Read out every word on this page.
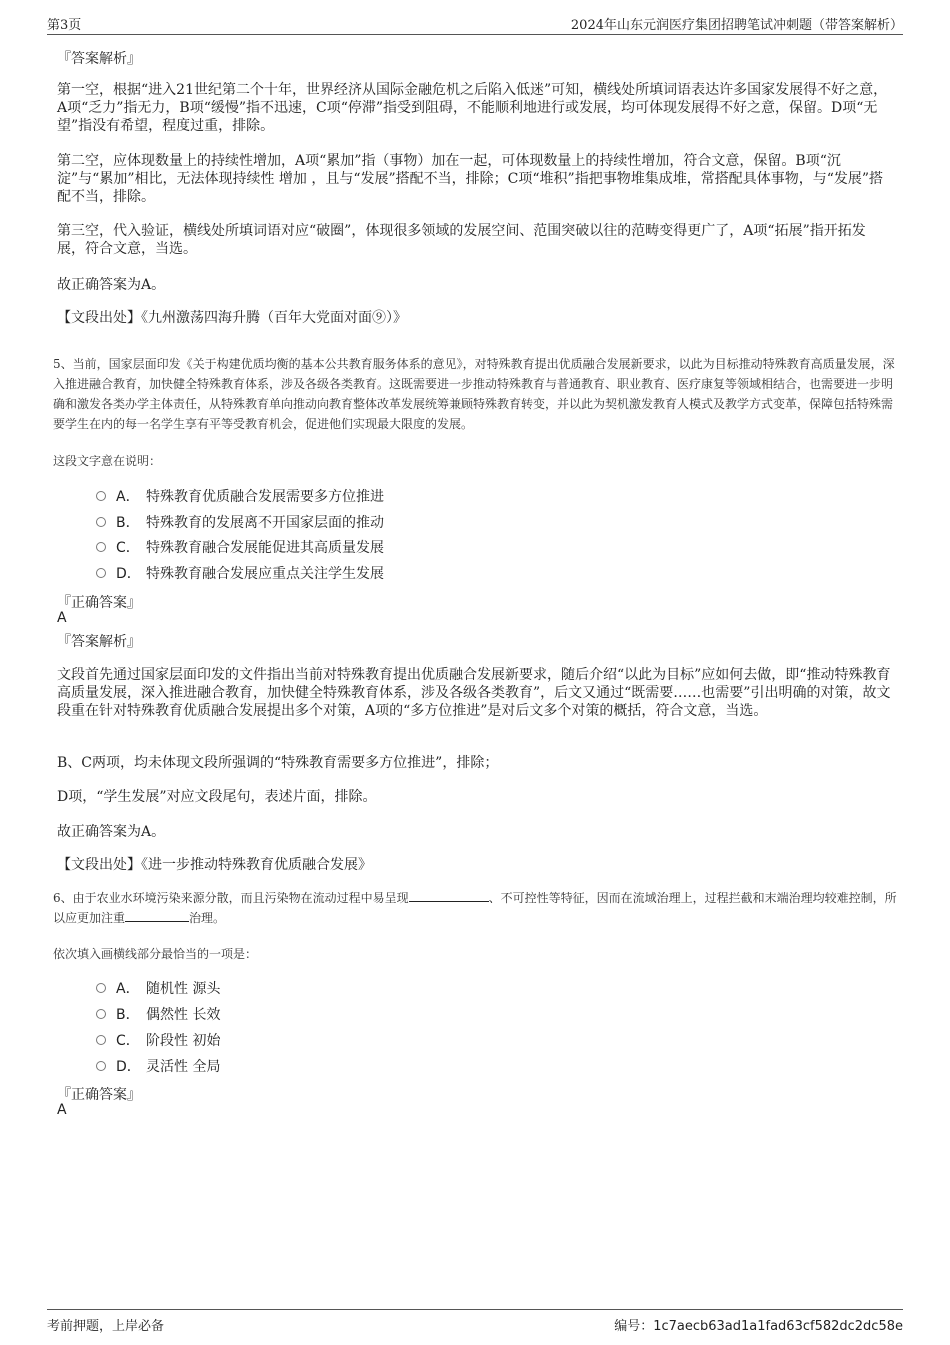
第3页	2024年山东元润医疗集团招聘笔试冲刺题（带答案解析）
『答案解析』
第一空，根据“进入21世纪第二个十年，世界经济从国际金融危机之后陷入低迷”可知，横线处所填词语表达许多国家发展得不好之意，A项“乏力”指无力，B项“缓慢”指不迅速，C项“停滞”指受到阻碍，不能顺利地进行或发展，均可体现发展得不好之意，保留。D项“无望”指没有希望，程度过重，排除。
第二空，应体现数量上的持续性增加，A项“累加”指（事物）加在一起，可体现数量上的持续性增加，符合文意，保留。B项“沉淀”与“累加”相比，无法体现持续性 增加 ，且与“发展”搭配不当，排除；C项“堆积”指把事物堆集成堆，常搭配具体事物，与“发展”搭配不当，排除。
第三空，代入验证，横线处所填词语对应“破圈”，体现很多领域的发展空间、范围突破以往的范畴变得更广了，A项“拓展”指开拓发展，符合文意，当选。
故正确答案为A。
【文段出处】《九州激荡四海升腾（百年大党面对面⑨）》
5、当前，国家层面印发《关于构建优质均衡的基本公共教育服务体系的意见》，对特殊教育提出优质融合发展新要求，以此为目标推动特殊教育高质量发展，深入推进融合教育，加快健全特殊教育体系，涉及各级各类教育。这既需要进一步推动特殊教育与普通教育、职业教育、医疗康复等领域相结合，也需要进一步明确和激发各类办学主体责任，从特殊教育单向推动向教育整体改革发展统筹兼顾特殊教育转变，并以此为契机激发教育人模式及教学方式变革，保障包括特殊需要学生在内的每一名学生享有平等受教育机会，促进他们实现最大限度的发展。
这段文字意在说明：
A． 特殊教育优质融合发展需要多方位推进
B． 特殊教育的发展离不开国家层面的推动
C． 特殊教育融合发展能促进其高质量发展
D． 特殊教育融合发展应重点关注学生发展
『正确答案』
A
『答案解析』
文段首先通过国家层面印发的文件指出当前对特殊教育提出优质融合发展新要求，随后介绍“以此为目标”应如何去做，即“推动特殊教育高质量发展，深入推进融合教育，加快健全特殊教育体系，涉及各级各类教育”，后文又通过“既需要……也需要”引出明确的对策，故文段重在针对特殊教育优质融合发展提出多个对策，A项的“多方位推进”是对后文多个对策的概括，符合文意，当选。
B、C两项，均未体现文段所强调的“特殊教育需要多方位推进”，排除；
D项，“学生发展”对应文段尾句，表述片面，排除。
故正确答案为A。
【文段出处】《进一步推动特殊教育优质融合发展》
6、由于农业水环境污染来源分散，而且污染物在流动过程中易呈现	、不可控性等特征，因而在流域治理上，过程拦截和末端治理均较难控制，所以应更加注重	治理。
依次填入画横线部分最恰当的一项是：
A． 随机性 源头
B． 偶然性 长效
C． 阶段性 初始
D． 灵活性 全局
『正确答案』
A
考前押题，上岸必备	编号：1c7aecb63ad1a1fad63cf582dc2dc58e
